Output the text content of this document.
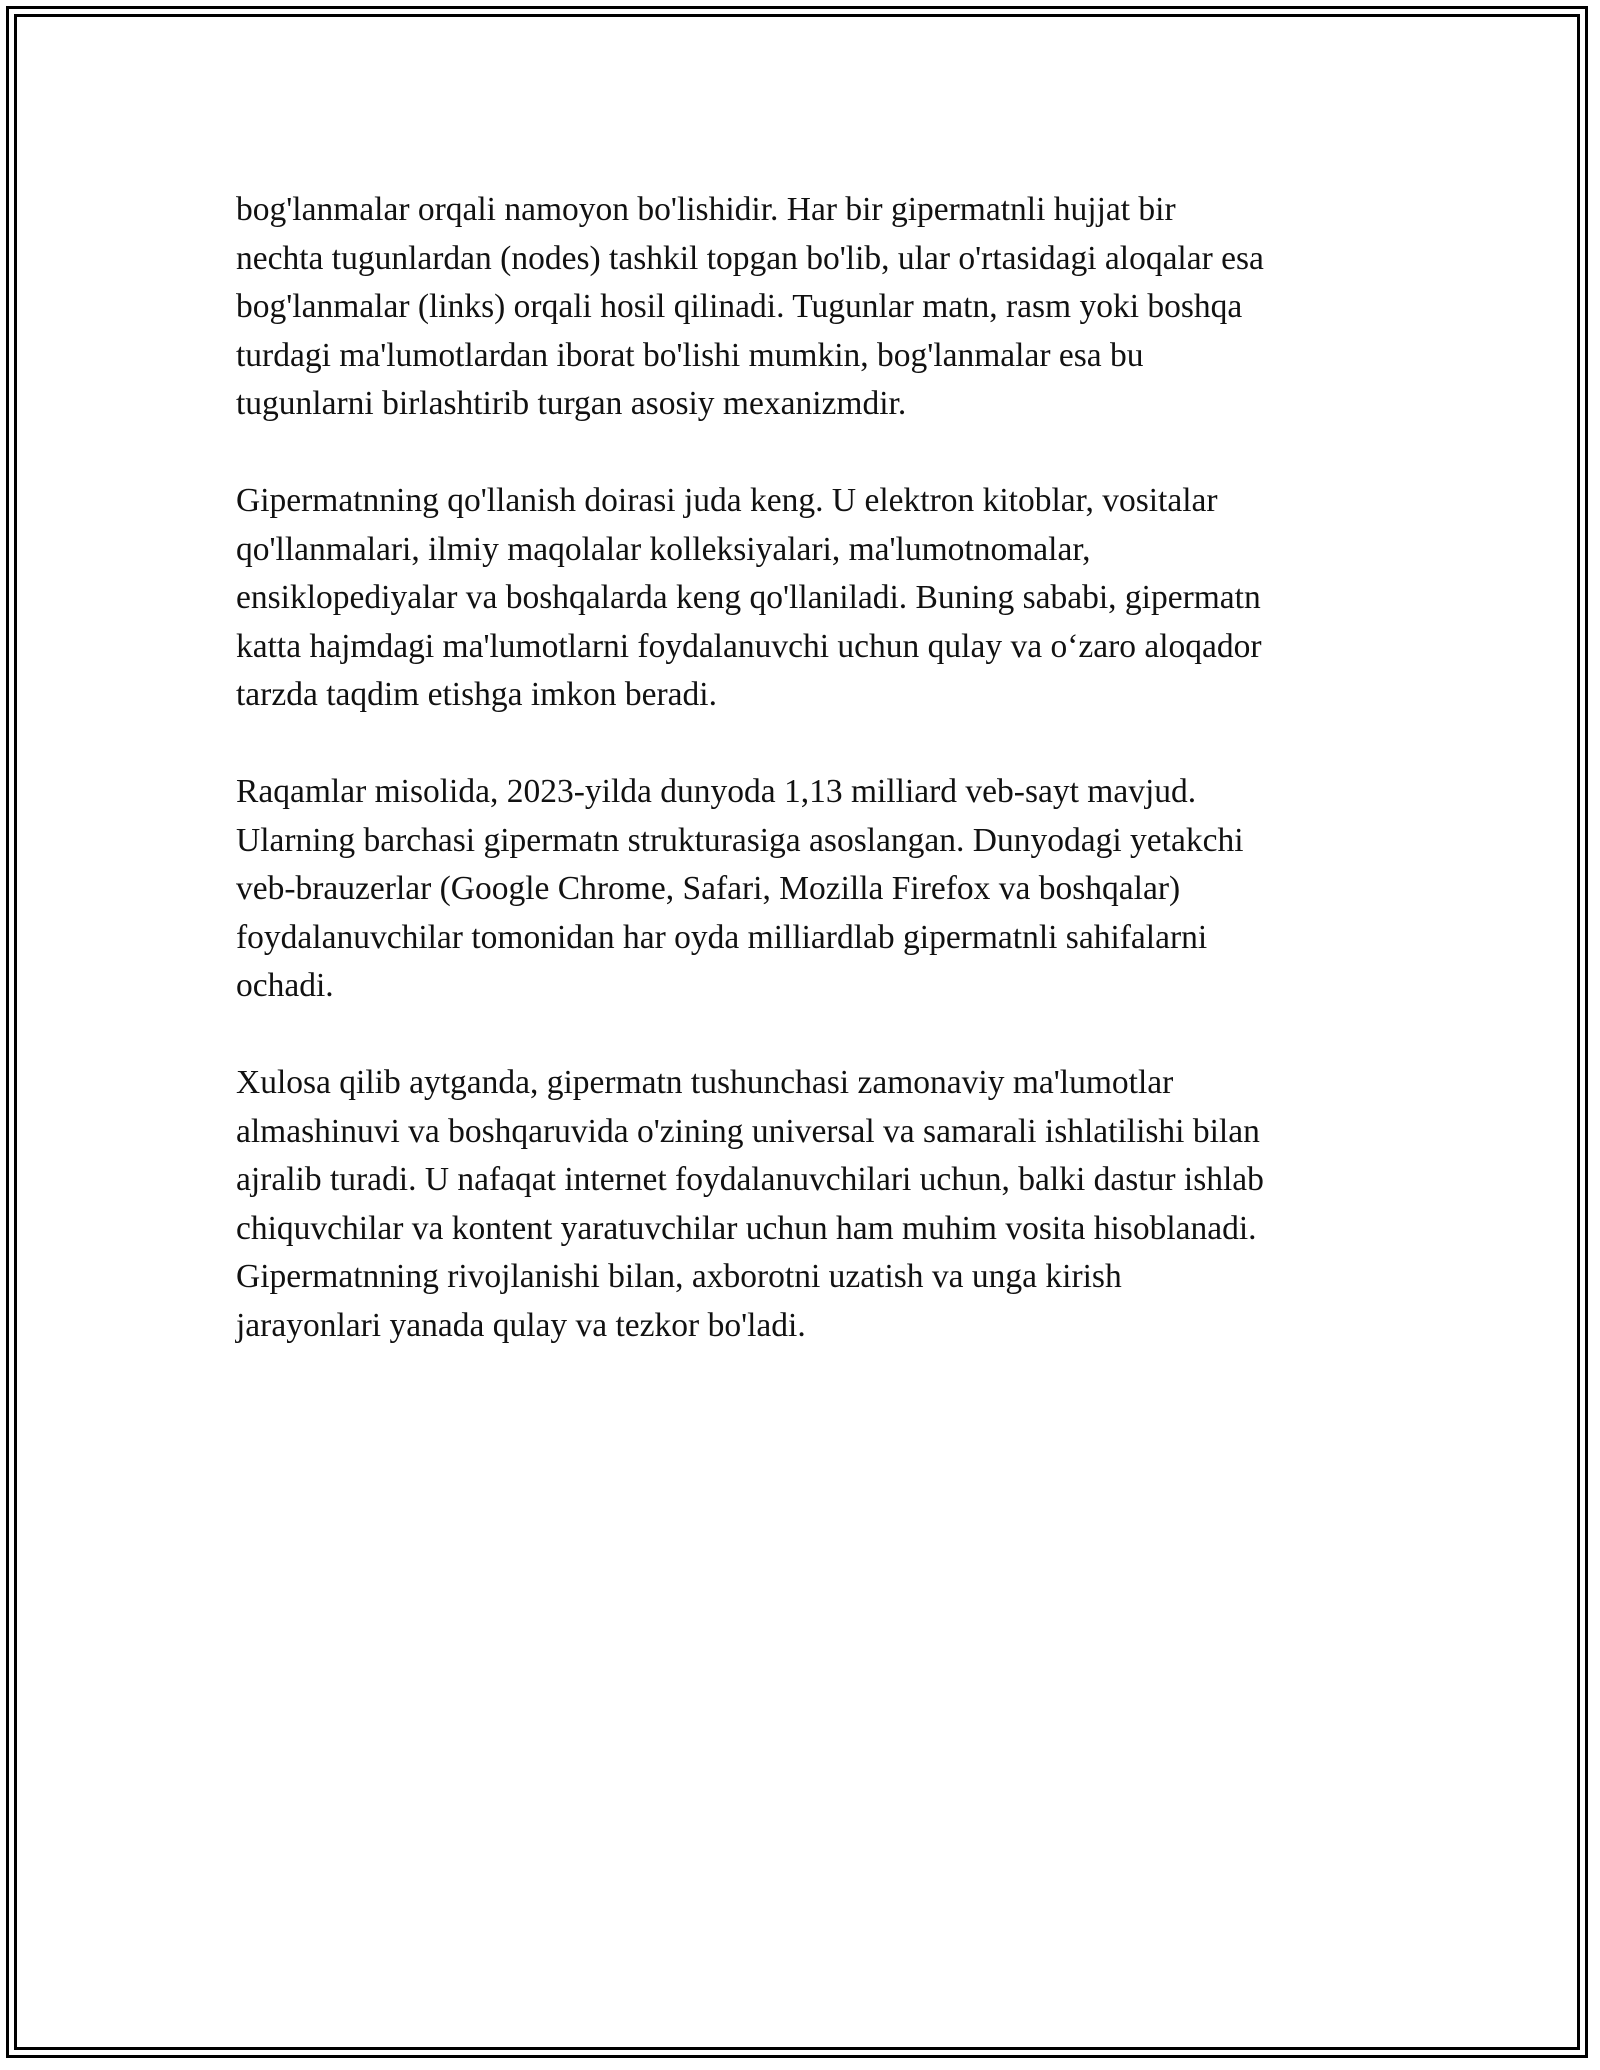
bog'lanmalar orqali namoyon bo'lishidir. Har bir gipermatnli hujjat bir
nechta tugunlardan (nodes) tashkil topgan bo'lib, ular o'rtasidagi aloqalar esa
bog'lanmalar (links) orqali hosil qilinadi. Tugunlar matn, rasm yoki boshqa
turdagi ma'lumotlardan iborat bo'lishi mumkin, bog'lanmalar esa bu
tugunlarni birlashtirib turgan asosiy mexanizmdir.

Gipermatnning qo'llanish doirasi juda keng. U elektron kitoblar, vositalar
qo'llanmalari, ilmiy maqolalar kolleksiyalari, ma'lumotnomalar,
ensiklopediyalar va boshqalarda keng qo'llaniladi. Buning sababi, gipermatn
katta hajmdagi ma'lumotlarni foydalanuvchi uchun qulay va o‘zaro aloqador
tarzda taqdim etishga imkon beradi.

Raqamlar misolida, 2023-yilda dunyoda 1,13 milliard veb-sayt mavjud.
Ularning barchasi gipermatn strukturasiga asoslangan. Dunyodagi yetakchi
veb-brauzerlar (Google Chrome, Safari, Mozilla Firefox va boshqalar)
foydalanuvchilar tomonidan har oyda milliardlab gipermatnli sahifalarni
ochadi.

Xulosa qilib aytganda, gipermatn tushunchasi zamonaviy ma'lumotlar
almashinuvi va boshqaruvida o'zining universal va samarali ishlatilishi bilan
ajralib turadi. U nafaqat internet foydalanuvchilari uchun, balki dastur ishlab
chiquvchilar va kontent yaratuvchilar uchun ham muhim vosita hisoblanadi.
Gipermatnning rivojlanishi bilan, axborotni uzatish va unga kirish
jarayonlari yanada qulay va tezkor bo'ladi.
